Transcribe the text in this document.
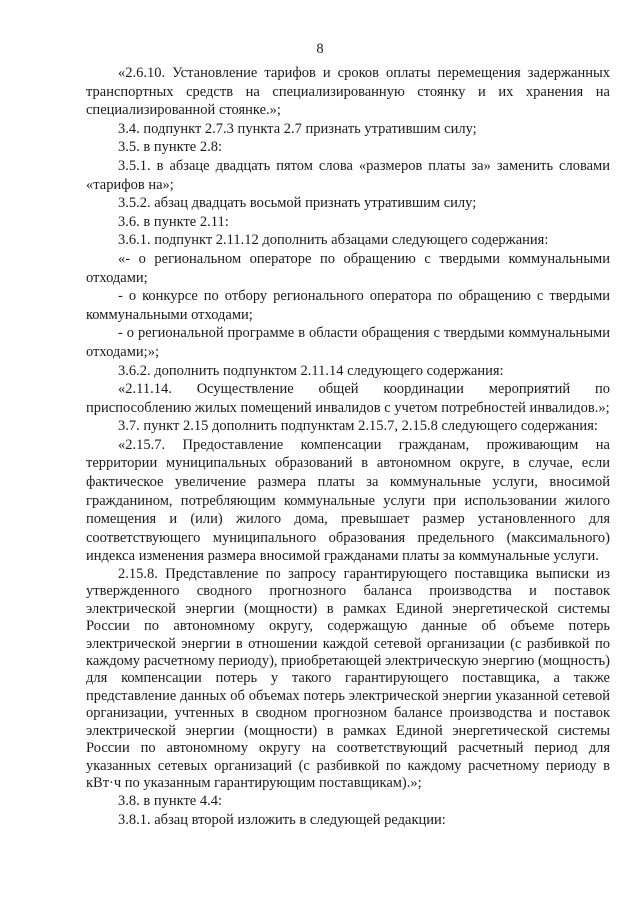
8

«2.6.10. Установление тарифов и сроков оплаты перемещения задержанных транспортных средств на специализированную стоянку и их хранения на специализированной стоянке.»;

3.4. подпункт 2.7.3 пункта 2.7 признать утратившим силу;

3.5. в пункте 2.8:

3.5.1. в абзаце двадцать пятом слова «размеров платы за» заменить словами «тарифов на»;

3.5.2. абзац двадцать восьмой признать утратившим силу;

3.6. в пункте 2.11:

3.6.1. подпункт 2.11.12 дополнить абзацами следующего содержания:

«- о региональном операторе по обращению с твердыми коммунальными отходами;

- о конкурсе по отбору регионального оператора по обращению с твердыми коммунальными отходами;

- о региональной программе в области обращения с твердыми коммунальными отходами;»;

3.6.2. дополнить подпунктом 2.11.14 следующего содержания:

«2.11.14. Осуществление общей координации мероприятий по приспособлению жилых помещений инвалидов с учетом потребностей инвалидов.»;

3.7. пункт 2.15 дополнить подпунктам 2.15.7, 2.15.8 следующего содержания:

«2.15.7. Предоставление компенсации гражданам, проживающим на территории муниципальных образований в автономном округе, в случае, если фактическое увеличение размера платы за коммунальные услуги, вносимой гражданином, потребляющим коммунальные услуги при использовании жилого помещения и (или) жилого дома, превышает размер установленного для соответствующего муниципального образования предельного (максимального) индекса изменения размера вносимой гражданами платы за коммунальные услуги.

2.15.8. Представление по запросу гарантирующего поставщика выписки из утвержденного сводного прогнозного баланса производства и поставок электрической энергии (мощности) в рамках Единой энергетической системы России по автономному округу, содержащую данные об объеме потерь электрической энергии в отношении каждой сетевой организации (с разбивкой по каждому расчетному периоду), приобретающей электрическую энергию (мощность) для компенсации потерь у такого гарантирующего поставщика, а также представление данных об объемах потерь электрической энергии указанной сетевой организации, учтенных в сводном прогнозном балансе производства и поставок электрической энергии (мощности) в рамках Единой энергетической системы России по автономному округу на соответствующий расчетный период для указанных сетевых организаций (с разбивкой по каждому расчетному периоду в кВт·ч по указанным гарантирующим поставщикам).»;

3.8. в пункте 4.4:

3.8.1. абзац второй изложить в следующей редакции:
